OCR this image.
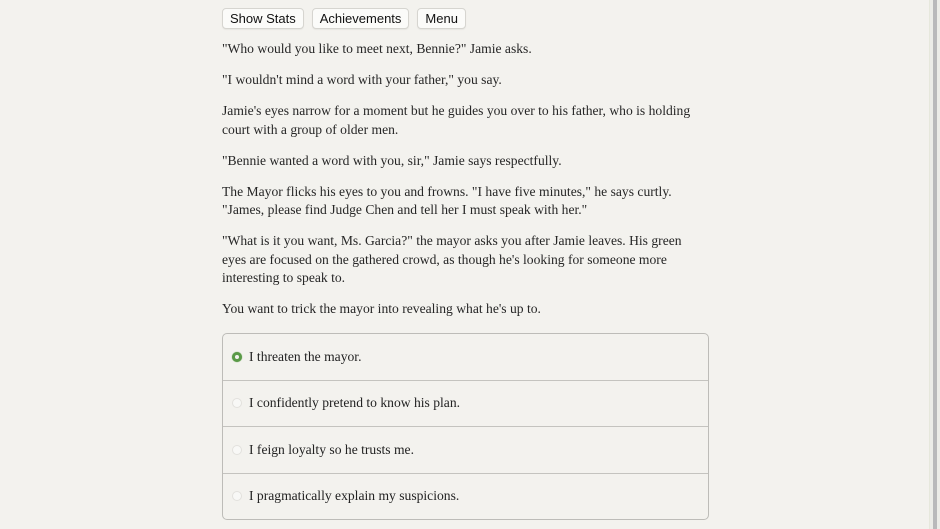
Show Stats	Achievements	Menu

"Who would you like to meet next, Bennie?" Jamie asks.

"I wouldn't mind a word with your father," you say.

Jamie's eyes narrow for a moment but he guides you over to his father, who is holding court with a group of older men.

"Bennie wanted a word with you, sir," Jamie says respectfully.

The Mayor flicks his eyes to you and frowns. "I have five minutes," he says curtly. "James, please find Judge Chen and tell her I must speak with her."

"What is it you want, Ms. Garcia?" the mayor asks you after Jamie leaves. His green eyes are focused on the gathered crowd, as though he's looking for someone more interesting to speak to.

You want to trick the mayor into revealing what he's up to.

I threaten the mayor.
I confidently pretend to know his plan.
I feign loyalty so he trusts me.
I pragmatically explain my suspicions.
